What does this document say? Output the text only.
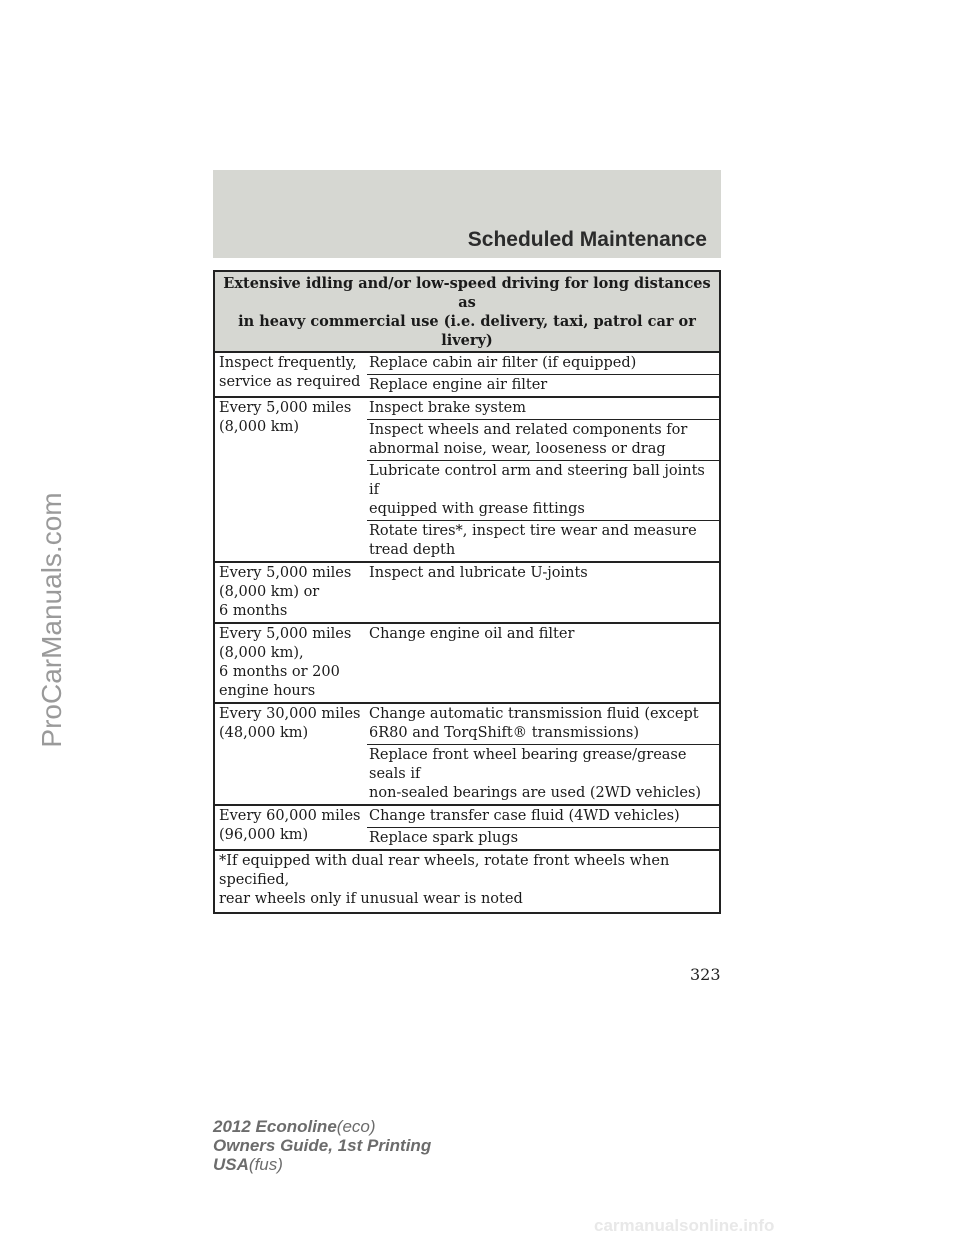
Scheduled Maintenance
Extensive idling and/or low-speed driving for long distances as
in heavy commercial use (i.e. delivery, taxi, patrol car or livery)
Inspect frequently,
service as required
Replace cabin air filter (if equipped)
Replace engine air filter
Every 5,000 miles
(8,000 km)
Inspect brake system
Inspect wheels and related components for
abnormal noise, wear, looseness or drag
Lubricate control arm and steering ball joints if
equipped with grease fittings
Rotate tires*, inspect tire wear and measure
tread depth
Every 5,000 miles
(8,000 km) or
6 months
Inspect and lubricate U-joints
Every 5,000 miles
(8,000 km),
6 months or 200
engine hours
Change engine oil and filter
Every 30,000 miles
(48,000 km)
Change automatic transmission fluid (except
6R80 and TorqShift® transmissions)
Replace front wheel bearing grease/grease seals if
non-sealed bearings are used (2WD vehicles)
Every 60,000 miles
(96,000 km)
Change transfer case fluid (4WD vehicles)
Replace spark plugs
*If equipped with dual rear wheels, rotate front wheels when specified,
rear wheels only if unusual wear is noted
323
2012 Econoline(eco)
Owners Guide, 1st Printing
USA(fus)
ProCarManuals.com
carmanualsonline.info
